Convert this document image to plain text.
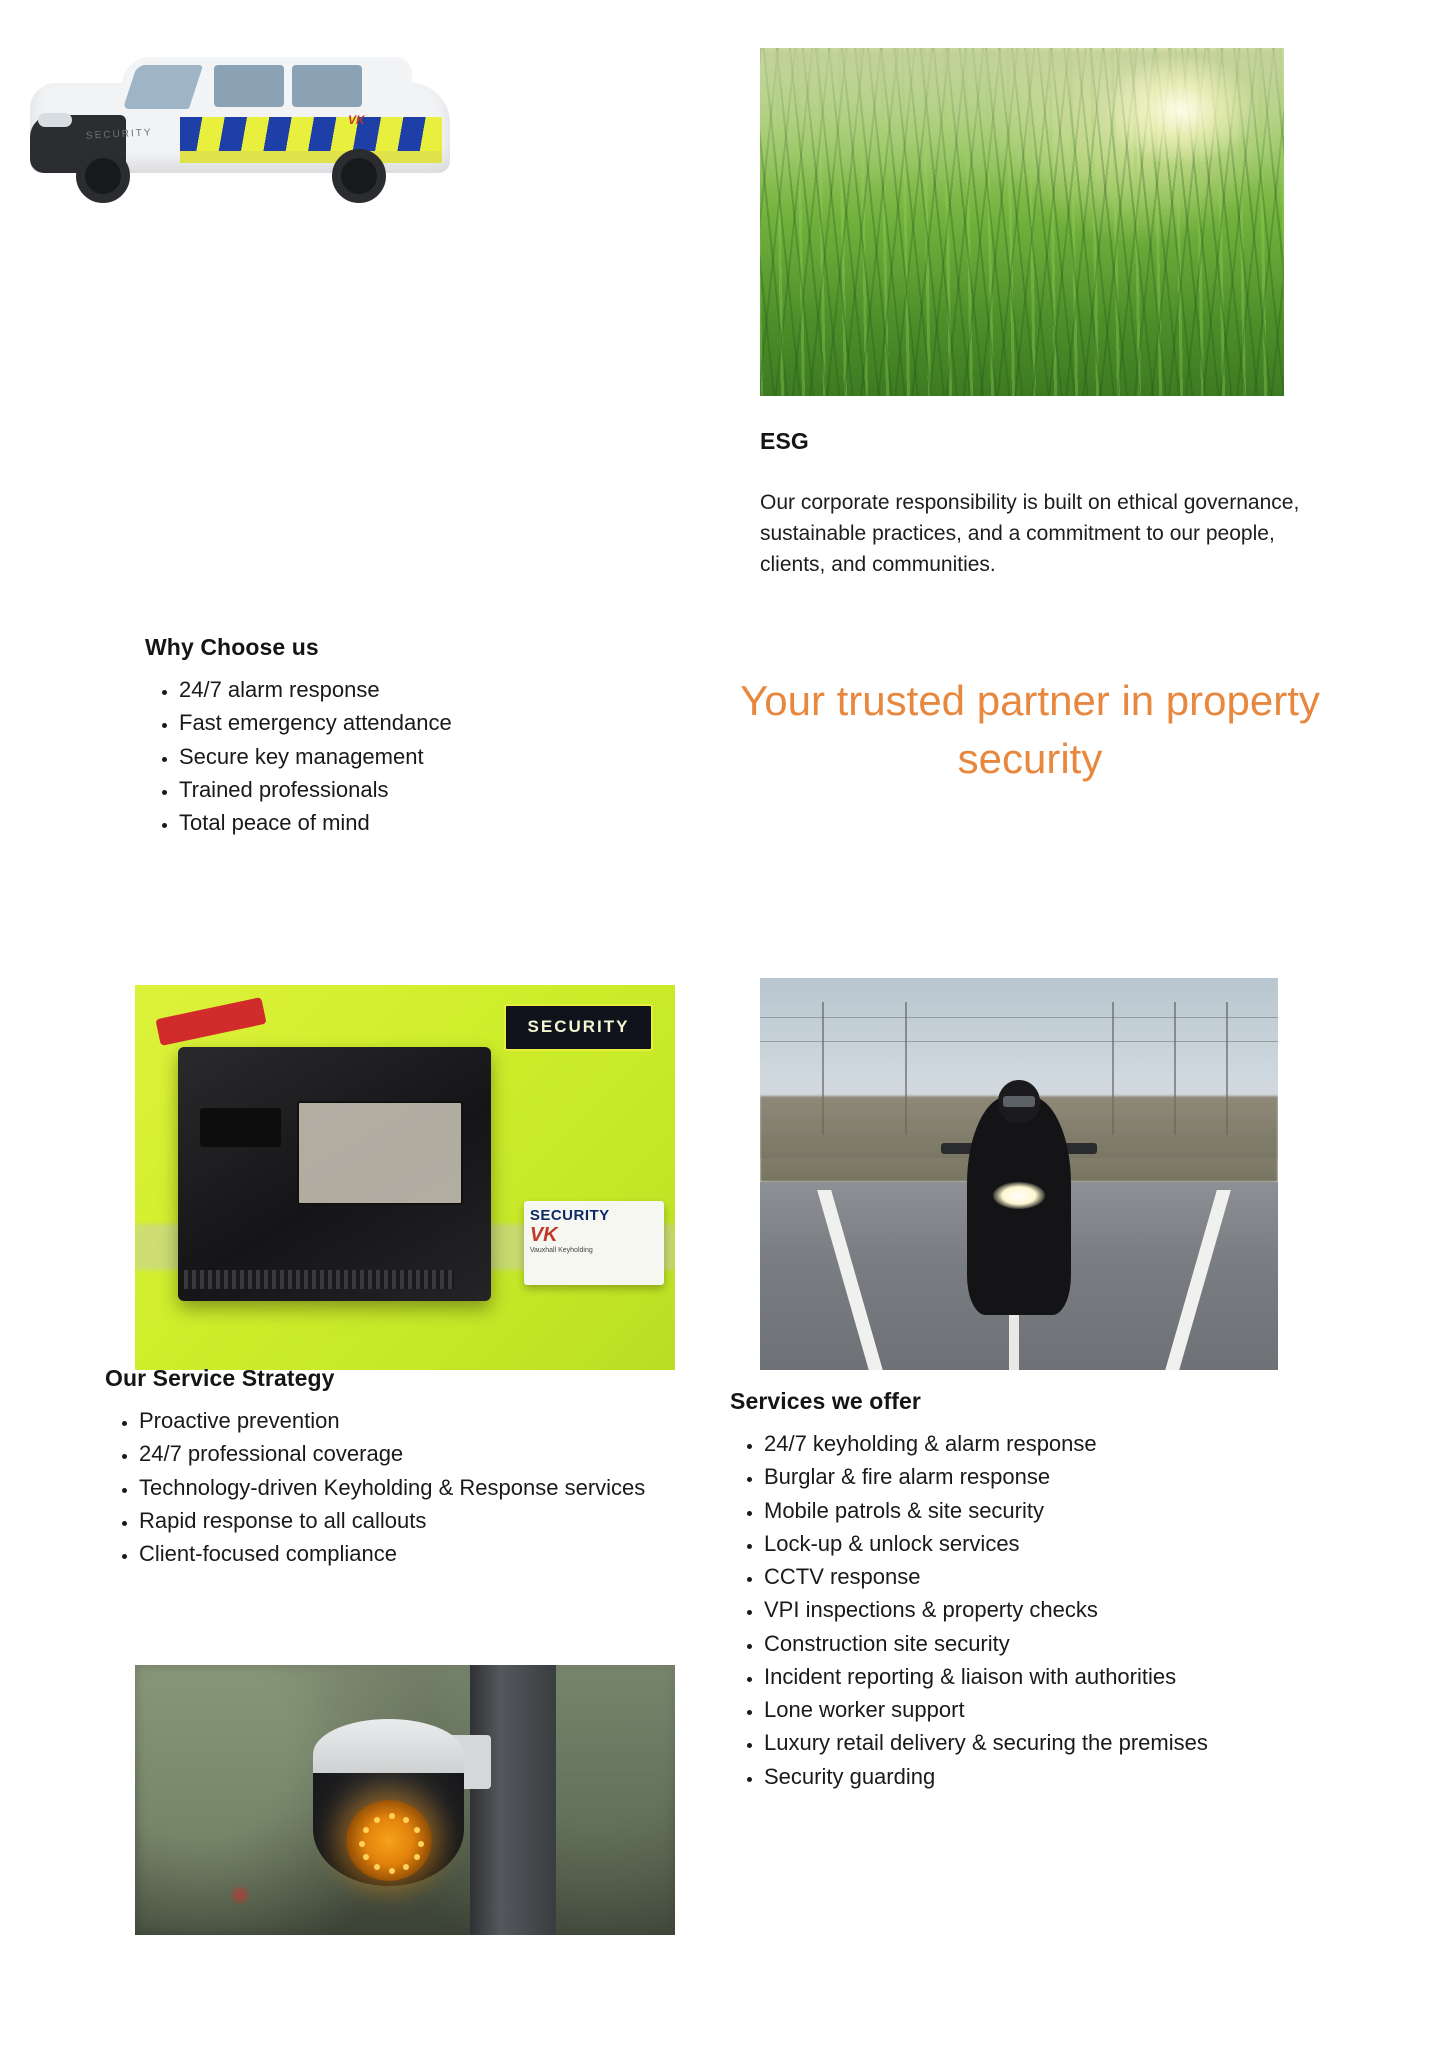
SECURITY
VK
ESG
Our corporate responsibility is built on ethical governance, sustainable practices, and a commitment to our people, clients, and communities.
Your trusted partner in property security
Why Choose us
• 24/7 alarm response
• Fast emergency attendance
• Secure key management
• Trained professionals
• Total peace of mind
SECURITY
SECURITY
VK
Vauxhall Keyholding
Our Service Strategy
• Proactive prevention
• 24/7 professional coverage
• Technology-driven Keyholding & Response services
• Rapid response to all callouts
• Client-focused compliance
Services we offer
• 24/7 keyholding & alarm response
• Burglar & fire alarm response
• Mobile patrols & site security
• Lock-up & unlock services
• CCTV response
• VPI inspections & property checks
• Construction site security
• Incident reporting & liaison with authorities
• Lone worker support
• Luxury retail delivery & securing the premises
• Security guarding
